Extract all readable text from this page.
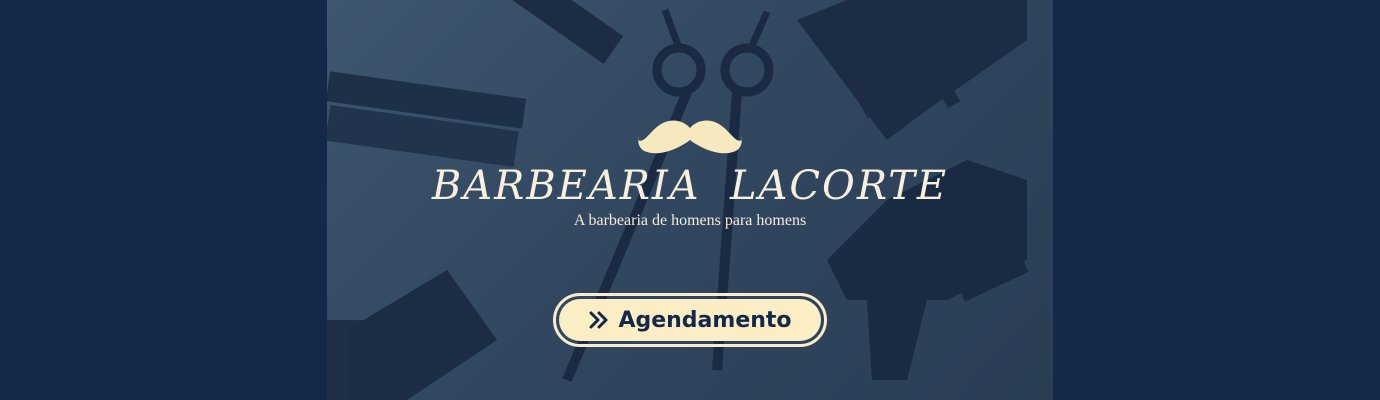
BARBEARIA  LACORTE
A barbearia de homens para homens
Agendamento
